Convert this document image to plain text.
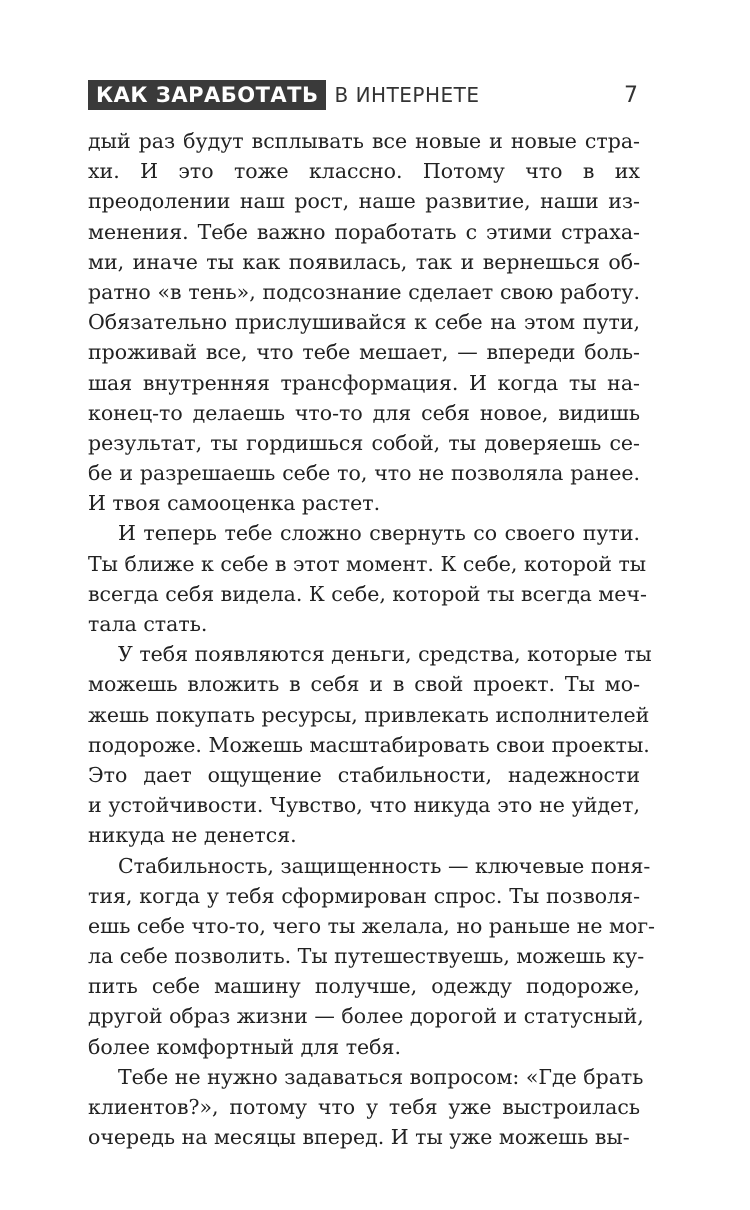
КАК ЗАРАБОТАТЬ В ИНТЕРНЕТЕ	7
дый раз будут всплывать все новые и новые стра-
хи. И это тоже классно. Потому что в их
преодолении наш рост, наше развитие, наши из-
менения. Тебе важно поработать с этими страха-
ми, иначе ты как появилась, так и вернешься об-
ратно «в тень», подсознание сделает свою работу.
Обязательно прислушивайся к себе на этом пути,
проживай все, что тебе мешает, — впереди боль-
шая внутренняя трансформация. И когда ты на-
конец-то делаешь что-то для себя новое, видишь
результат, ты гордишься собой, ты доверяешь се-
бе и разрешаешь себе то, что не позволяла ранее.
И твоя самооценка растет.
И теперь тебе сложно свернуть со своего пути.
Ты ближе к себе в этот момент. К себе, которой ты
всегда себя видела. К себе, которой ты всегда меч-
тала стать.
У тебя появляются деньги, средства, которые ты
можешь вложить в себя и в свой проект. Ты мо-
жешь покупать ресурсы, привлекать исполнителей
подороже. Можешь масштабировать свои проекты.
Это дает ощущение стабильности, надежности
и устойчивости. Чувство, что никуда это не уйдет,
никуда не денется.
Стабильность, защищенность — ключевые поня-
тия, когда у тебя сформирован спрос. Ты позволя-
ешь себе что-то, чего ты желала, но раньше не мог-
ла себе позволить. Ты путешествуешь, можешь ку-
пить себе машину получше, одежду подороже,
другой образ жизни — более дорогой и статусный,
более комфортный для тебя.
Тебе не нужно задаваться вопросом: «Где брать
клиентов?», потому что у тебя уже выстроилась
очередь на месяцы вперед. И ты уже можешь вы-
